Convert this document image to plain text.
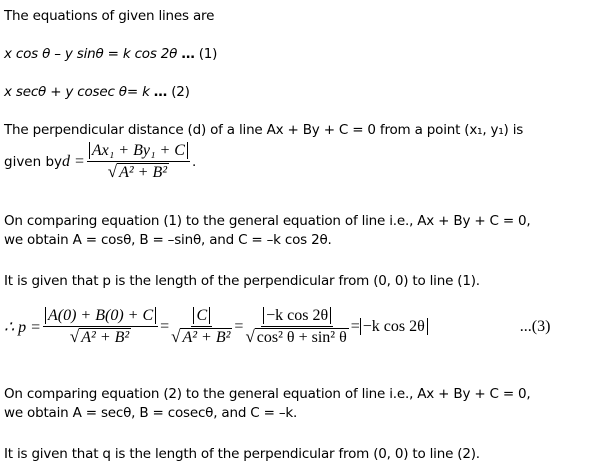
The equations of given lines are
x cos θ – y sinθ = k cos 2θ … (1)
x secθ + y cosec θ= k … (2)
The perpendicular distance (d) of a line Ax + By + C = 0 from a point (x₁, y₁) is
given by $d = \frac{\text{Ax₁ + By₁ + C}}{\text{√ A² + B²}}$ .
On comparing equation (1) to the general equation of line i.e., Ax + By + C = 0,
we obtain A = cosθ, B = –sinθ, and C = –k cos 2θ.
It is given that p is the length of the perpendicular from (0, 0) to line (1).
∴ $p = \frac{A(0) + B(0) + C}{\text{√ A² + B²}} = \frac{C}{\text{√ A² + B²}} = \frac{\text{−k cos 2θ}}{\text{√ cos² θ + sin² θ}} = -k$ cos 2θ	...(3)
On comparing equation (2) to the general equation of line i.e., Ax + By + C = 0,
we obtain A = secθ, B = cosecθ, and C = –k.
It is given that q is the length of the perpendicular from (0, 0) to line (2).
